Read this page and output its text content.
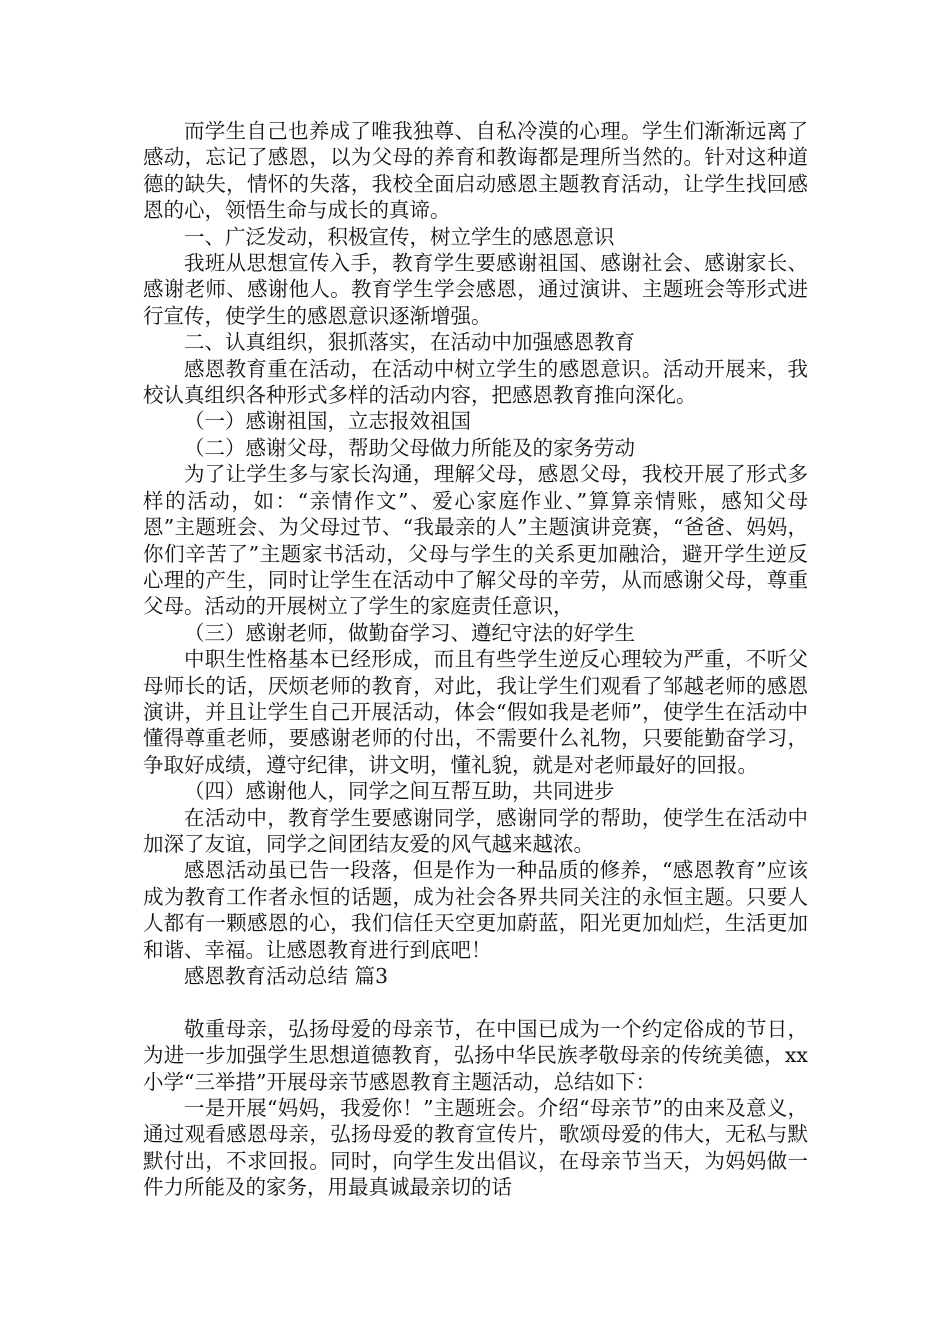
而学生自己也养成了唯我独尊、自私冷漠的心理。学生们渐渐远离了感动，忘记了感恩，以为父母的养育和教诲都是理所当然的。针对这种道德的缺失，情怀的失落，我校全面启动感恩主题教育活动，让学生找回感恩的心，领悟生命与成长的真谛。

一、广泛发动，积极宣传，树立学生的感恩意识

我班从思想宣传入手，教育学生要感谢祖国、感谢社会、感谢家长、感谢老师、感谢他人。教育学生学会感恩，通过演讲、主题班会等形式进行宣传，使学生的感恩意识逐渐增强。

二、认真组织，狠抓落实，在活动中加强感恩教育

感恩教育重在活动，在活动中树立学生的感恩意识。活动开展来，我校认真组织各种形式多样的活动内容，把感恩教育推向深化。

（一）感谢祖国，立志报效祖国

（二）感谢父母，帮助父母做力所能及的家务劳动

为了让学生多与家长沟通，理解父母，感恩父母，我校开展了形式多样的活动，如：“亲情作文”、爱心家庭作业、”算算亲情账，感知父母恩”主题班会、为父母过节、“我最亲的人”主题演讲竞赛，“爸爸、妈妈，你们辛苦了”主题家书活动，父母与学生的关系更加融洽，避开学生逆反心理的产生，同时让学生在活动中了解父母的辛劳，从而感谢父母，尊重父母。活动的开展树立了学生的家庭责任意识，

（三）感谢老师，做勤奋学习、遵纪守法的好学生

中职生性格基本已经形成，而且有些学生逆反心理较为严重，不听父母师长的话，厌烦老师的教育，对此，我让学生们观看了邹越老师的感恩演讲，并且让学生自己开展活动，体会“假如我是老师”，使学生在活动中懂得尊重老师，要感谢老师的付出，不需要什么礼物，只要能勤奋学习，争取好成绩，遵守纪律，讲文明，懂礼貌，就是对老师最好的回报。

（四）感谢他人，同学之间互帮互助，共同进步

在活动中，教育学生要感谢同学，感谢同学的帮助，使学生在活动中加深了友谊，同学之间团结友爱的风气越来越浓。

感恩活动虽已告一段落，但是作为一种品质的修养，“感恩教育”应该成为教育工作者永恒的话题，成为社会各界共同关注的永恒主题。只要人人都有一颗感恩的心，我们信任天空更加蔚蓝，阳光更加灿烂，生活更加和谐、幸福。让感恩教育进行到底吧！

感恩教育活动总结 篇3

敬重母亲，弘扬母爱的母亲节，在中国已成为一个约定俗成的节日，为进一步加强学生思想道德教育，弘扬中华民族孝敬母亲的传统美德，xx小学“三举措”开展母亲节感恩教育主题活动，总结如下：

一是开展“妈妈，我爱你！”主题班会。介绍“母亲节”的由来及意义，通过观看感恩母亲，弘扬母爱的教育宣传片，歌颂母爱的伟大，无私与默默付出，不求回报。同时，向学生发出倡议，在母亲节当天，为妈妈做一件力所能及的家务，用最真诚最亲切的话
